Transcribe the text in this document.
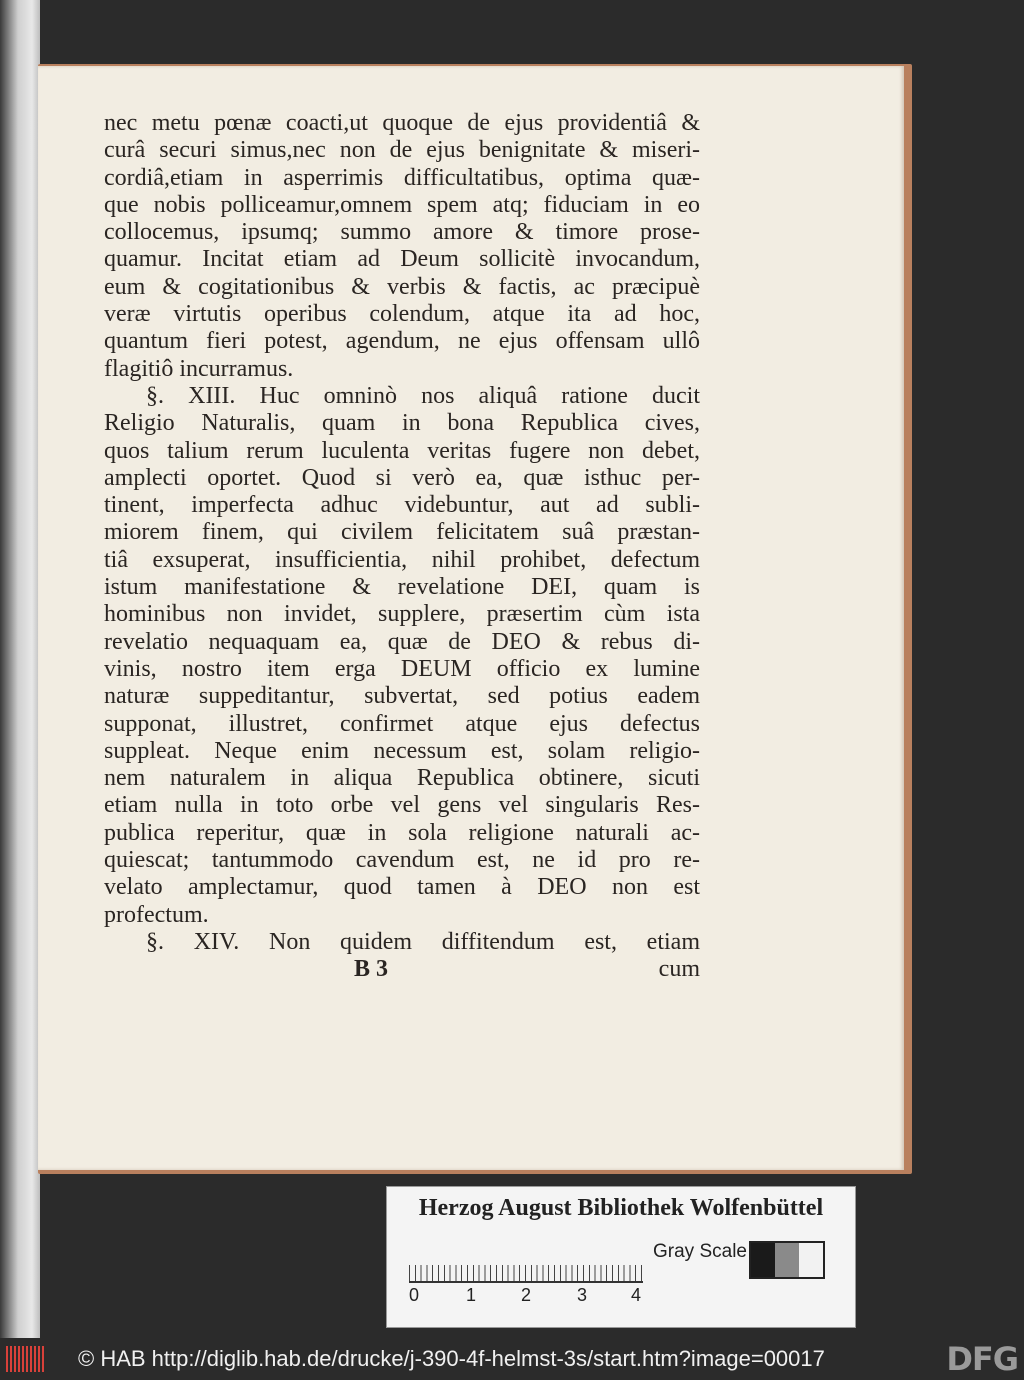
nec metu pœnæ coacti,ut quoque de ejus providentiâ &
curâ securi simus,nec non de ejus benignitate & miseri-
cordiâ,etiam in asperrimis difficultatibus, optima quæ-
que nobis polliceamur,omnem spem atq; fiduciam in eo
collocemus, ipsumq; summo amore & timore prose-
quamur. Incitat etiam ad Deum sollicitè invocandum,
eum & cogitationibus & verbis & factis, ac præcipuè
veræ virtutis operibus colendum, atque ita ad hoc,
quantum fieri potest, agendum, ne ejus offensam ullô
flagitiô incurramus.
§. XIII. Huc omninò nos aliquâ ratione ducit
Religio Naturalis, quam in bona Republica cives,
quos talium rerum luculenta veritas fugere non debet,
amplecti oportet. Quod si verò ea, quæ isthuc per-
tinent, imperfecta adhuc videbuntur, aut ad subli-
miorem finem, qui civilem felicitatem suâ præstan-
tiâ exsuperat, insufficientia, nihil prohibet, defectum
istum manifestatione & revelatione DEI, quam is
hominibus non invidet, supplere, præsertim cùm ista
revelatio nequaquam ea, quæ de DEO & rebus di-
vinis, nostro item erga DEUM officio ex lumine
naturæ suppeditantur, subvertat, sed potius eadem
supponat, illustret, confirmet atque ejus defectus
suppleat. Neque enim necessum est, solam religio-
nem naturalem in aliqua Republica obtinere, sicuti
etiam nulla in toto orbe vel gens vel singularis Res-
publica reperitur, quæ in sola religione naturali ac-
quiescat; tantummodo cavendum est, ne id pro re-
velato amplectamur, quod tamen à DEO non est
profectum.
§. XIV. Non quidem diffitendum est, etiam
B 3	cum
Herzog August Bibliothek Wolfenbüttel
0	1 2	3 4
Gray Scale
© HAB http://diglib.hab.de/drucke/j-390-4f-helmst-3s/start.htm?image=00017	DFG
